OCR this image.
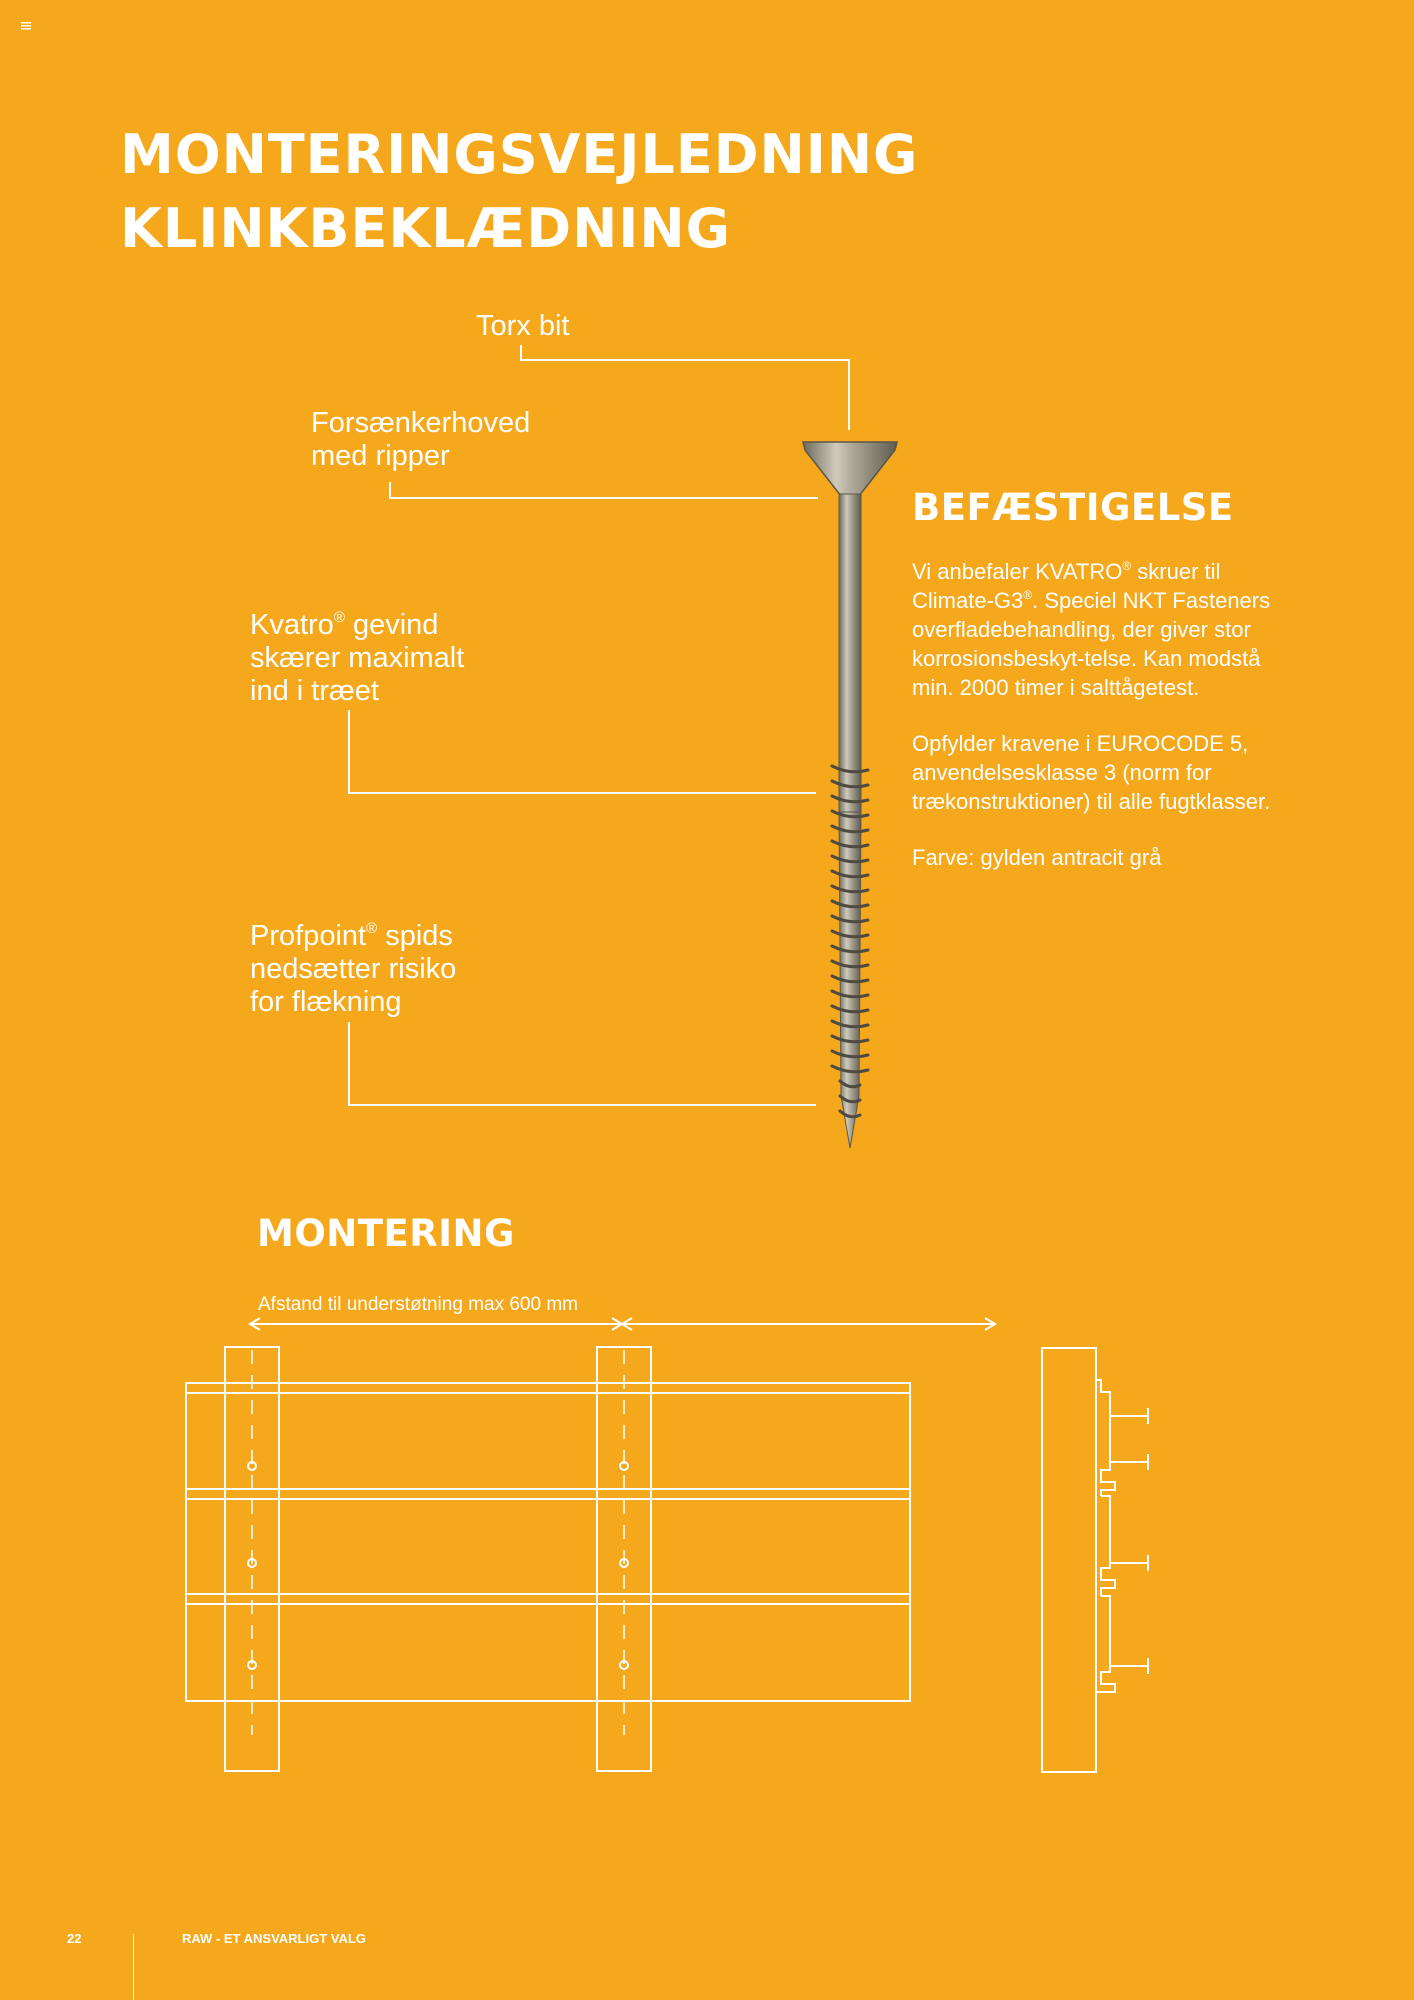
MONTERINGSVEJLEDNING
KLINKBEKLÆDNING
Torx bit
Forsænkerhoved
med ripper
Kvatro® gevind
skærer maximalt
ind i træet
Profpoint® spids
nedsætter risiko
for flækning
BEFÆSTIGELSE

Vi anbefaler KVATRO® skruer til Climate-G3®. Speciel NKT Fasteners overfladebehandling, der giver stor korrosionsbeskyt-telse. Kan modstå min. 2000 timer i salttågetest.

Opfylder kravene i EUROCODE 5, anvendelsesklasse 3 (norm for trækonstruktioner) til alle fugtklasser.

Farve: gylden antracit grå

MONTERING
Afstand til understøtning max 600 mm
22	RAW - ET ANSVARLIGT VALG
